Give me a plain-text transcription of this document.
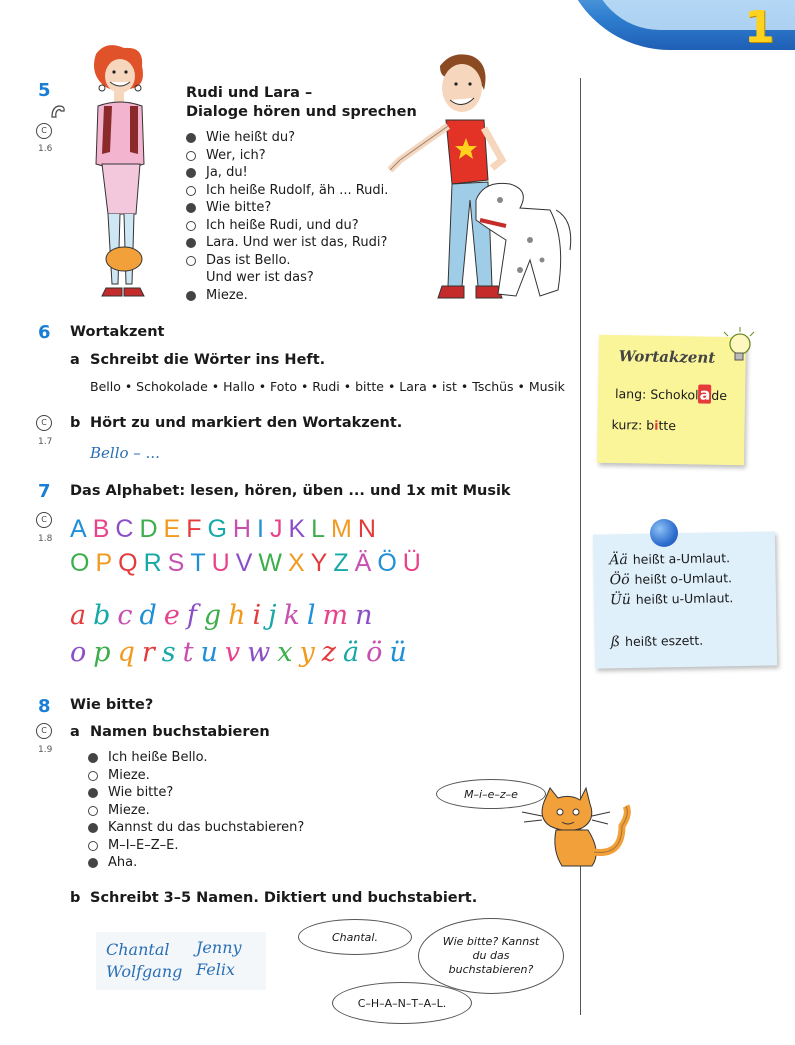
1
5
C
1.6
Rudi und Lara –
Dialoge hören und sprechen
Wie heißt du?
Wer, ich?
Ja, du!
Ich heiße Rudolf, äh ... Rudi.
Wie bitte?
Ich heiße Rudi, und du?
Lara. Und wer ist das, Rudi?
Das ist Bello.
Und wer ist das?
Mieze.
6 Wortakzent
a Schreibt die Wörter ins Heft.
Bello • Schokolade • Hallo • Foto • Rudi • bitte • Lara • ist • Tschüs • Musik
C
1.7
b Hört zu und markiert den Wortakzent.
Bello – ...
Wortakzent
lang: Schokolade
kurz: bitte
7 Das Alphabet: lesen, hören, üben ... und 1x mit Musik
C
1.8 A B C D E F G H I J K L M N
O P Q R S T U V W X Y Z Ä Ö Ü
a b c d e f g h i j k l m n
o p q r s t u v w x y z ä ö ü
Ää heißt a-Umlaut.
Öö heißt o-Umlaut.
Üü heißt u-Umlaut.
ß heißt eszett.
8 Wie bitte?
C
1.9
a Namen buchstabieren
Ich heiße Bello.
Mieze.
Wie bitte?
Mieze.
Kannst du das buchstabieren?
M–I–E–Z–E.
Aha.
M–i–e–z–e
b Schreibt 3–5 Namen. Diktiert und buchstabiert.
Chantal Jenny
Wolfgang Felix
Chantal.	Wie bitte? Kannst du das buchstabieren?
C–H–A–N–T–A–L.
